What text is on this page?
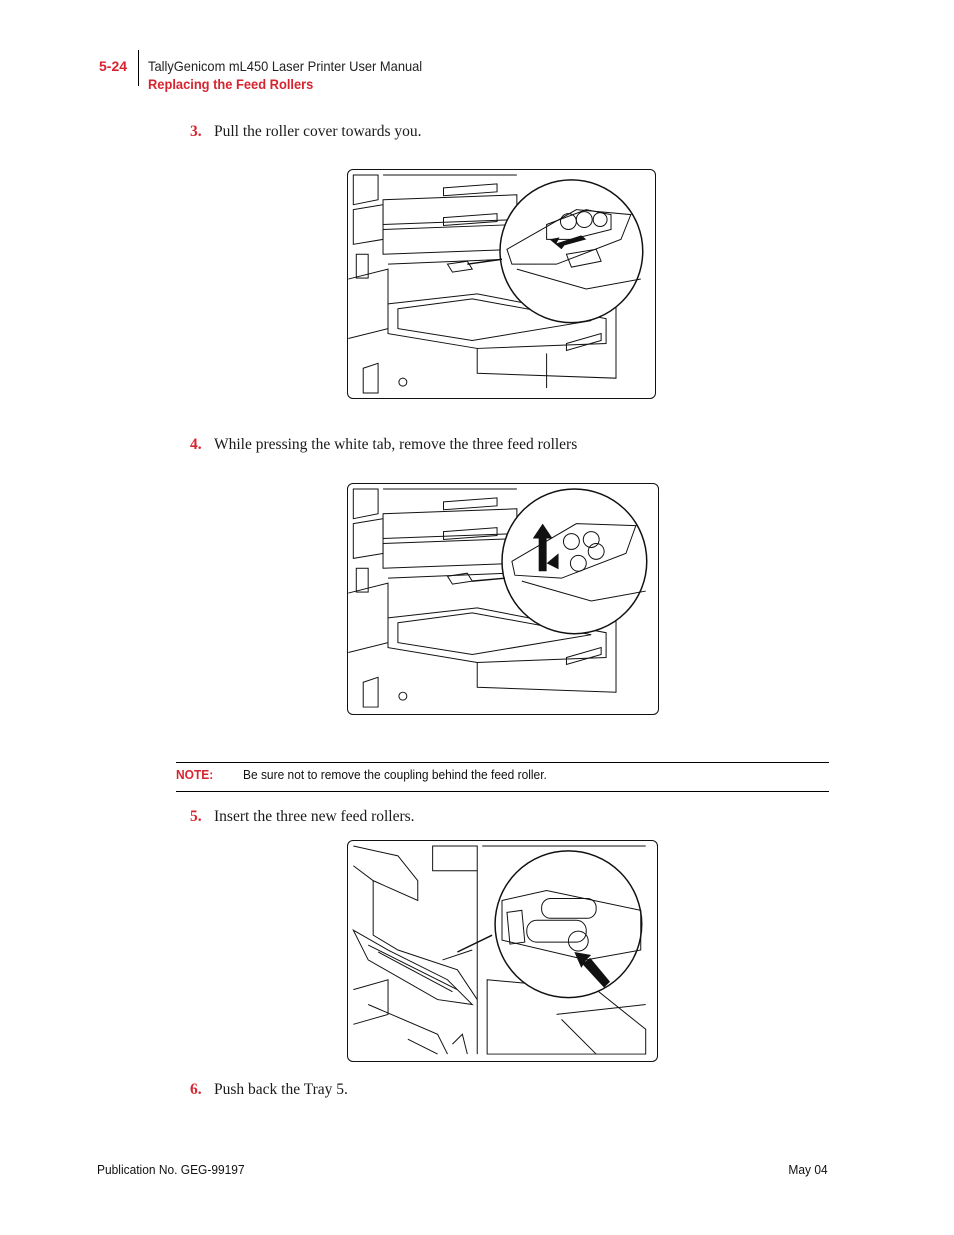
5-24 TallyGenicom mL450 Laser Printer User Manual
Replacing the Feed Rollers
3. Pull the roller cover towards you.
4. While pressing the white tab, remove the three feed rollers
NOTE: Be sure not to remove the coupling behind the feed roller.
5. Insert the three new feed rollers.
6. Push back the Tray 5.
Publication No. GEG-99197	May 04
